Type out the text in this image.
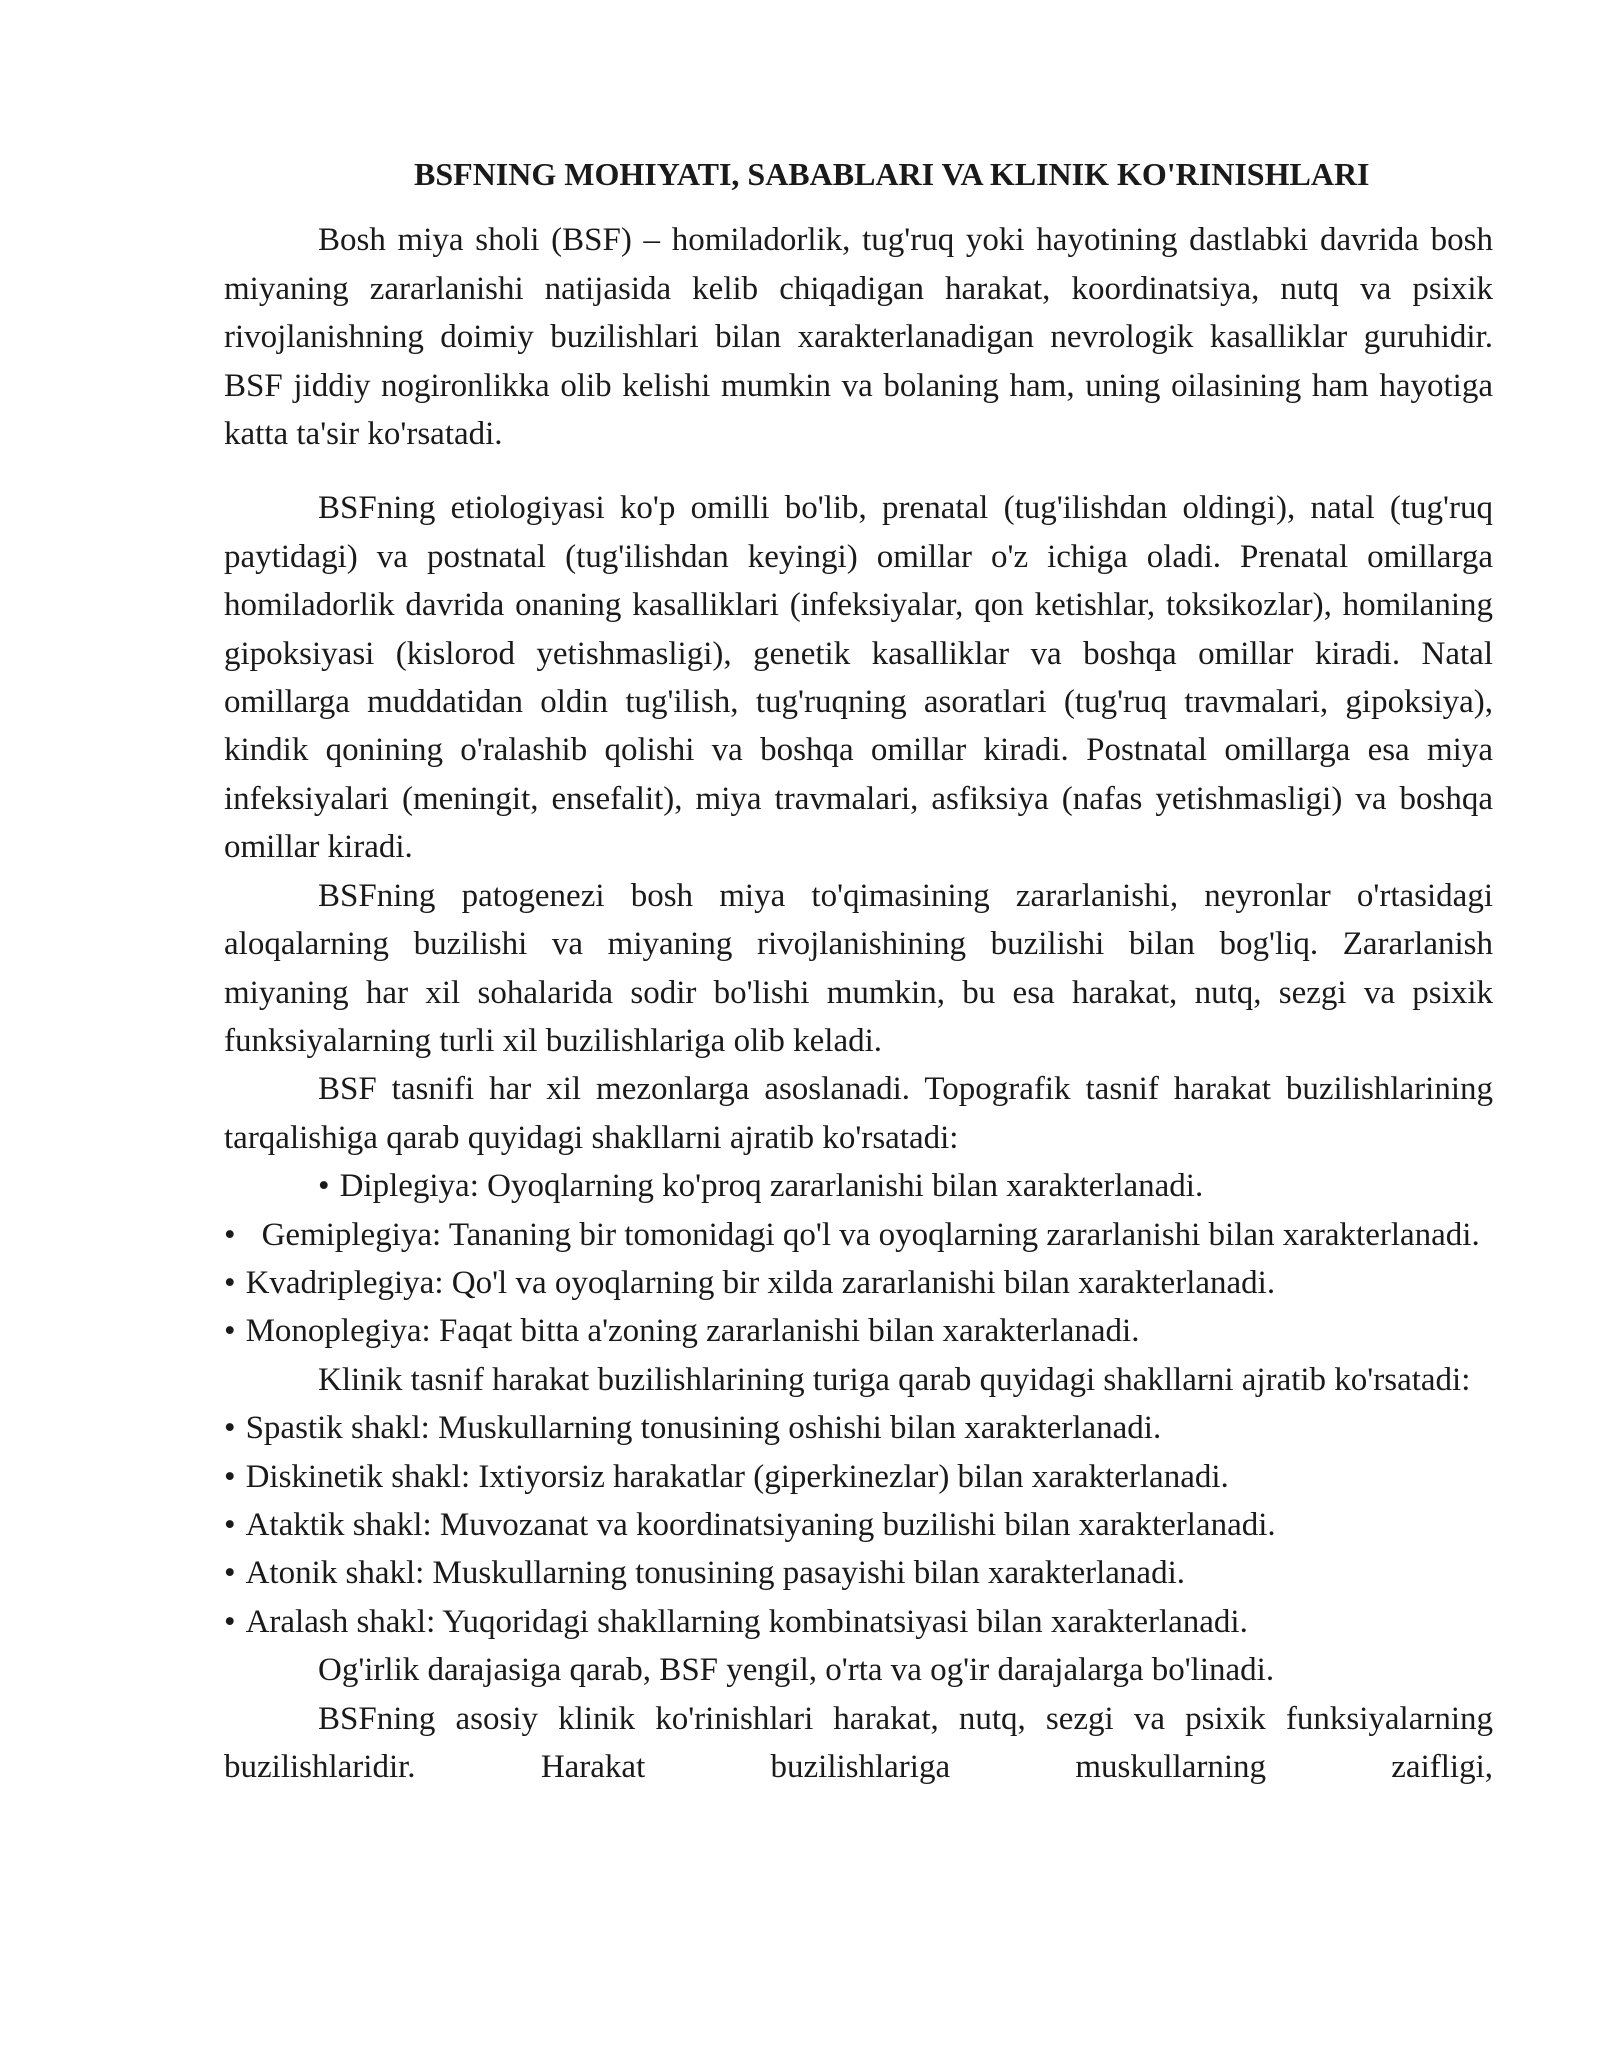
BSFNING MOHIYATI, SABABLARI VA KLINIK KO'RINISHLARI

Bosh miya sholi (BSF) – homiladorlik, tug'ruq yoki hayotining dastlabki davrida bosh miyaning zararlanishi natijasida kelib chiqadigan harakat, koordinatsiya, nutq va psixik rivojlanishning doimiy buzilishlari bilan xarakterlanadigan nevrologik kasalliklar guruhidir. BSF jiddiy nogironlikka olib kelishi mumkin va bolaning ham, uning oilasining ham hayotiga katta ta'sir ko'rsatadi.

BSFning etiologiyasi ko'p omilli bo'lib, prenatal (tug'ilishdan oldingi), natal (tug'ruq paytidagi) va postnatal (tug'ilishdan keyingi) omillar o'z ichiga oladi. Prenatal omillarga homiladorlik davrida onaning kasalliklari (infeksiyalar, qon ketishlar, toksikozlar), homilaning gipoksiyasi (kislorod yetishmasligi), genetik kasalliklar va boshqa omillar kiradi. Natal omillarga muddatidan oldin tug'ilish, tug'ruqning asoratlari (tug'ruq travmalari, gipoksiya), kindik qonining o'ralashib qolishi va boshqa omillar kiradi. Postnatal omillarga esa miya infeksiyalari (meningit, ensefalit), miya travmalari, asfiksiya (nafas yetishmasligi) va boshqa omillar kiradi.

BSFning patogenezi bosh miya to'qimasining zararlanishi, neyronlar o'rtasidagi aloqalarning buzilishi va miyaning rivojlanishining buzilishi bilan bog'liq. Zararlanish miyaning har xil sohalarida sodir bo'lishi mumkin, bu esa harakat, nutq, sezgi va psixik funksiyalarning turli xil buzilishlariga olib keladi.

BSF tasnifi har xil mezonlarga asoslanadi. Topografik tasnif harakat buzilishlarining tarqalishiga qarab quyidagi shakllarni ajratib ko'rsatadi:

• Diplegiya: Oyoqlarning ko'proq zararlanishi bilan xarakterlanadi.
• Gemiplegiya: Tananing bir tomonidagi qo'l va oyoqlarning zararlanishi bilan xarakterlanadi.
• Kvadriplegiya: Qo'l va oyoqlarning bir xilda zararlanishi bilan xarakterlanadi.
• Monoplegiya: Faqat bitta a'zoning zararlanishi bilan xarakterlanadi.

Klinik tasnif harakat buzilishlarining turiga qarab quyidagi shakllarni ajratib ko'rsatadi:

• Spastik shakl: Muskullarning tonusining oshishi bilan xarakterlanadi.
• Diskinetik shakl: Ixtiyorsiz harakatlar (giperkinezlar) bilan xarakterlanadi.
• Ataktik shakl: Muvozanat va koordinatsiyaning buzilishi bilan xarakterlanadi.
• Atonik shakl: Muskullarning tonusining pasayishi bilan xarakterlanadi.
• Aralash shakl: Yuqoridagi shakllarning kombinatsiyasi bilan xarakterlanadi.

Og'irlik darajasiga qarab, BSF yengil, o'rta va og'ir darajalarga bo'linadi.

BSFning asosiy klinik ko'rinishlari harakat, nutq, sezgi va psixik funksiyalarning buzilishlaridir. Harakat buzilishlariga muskullarning zaifligi,
